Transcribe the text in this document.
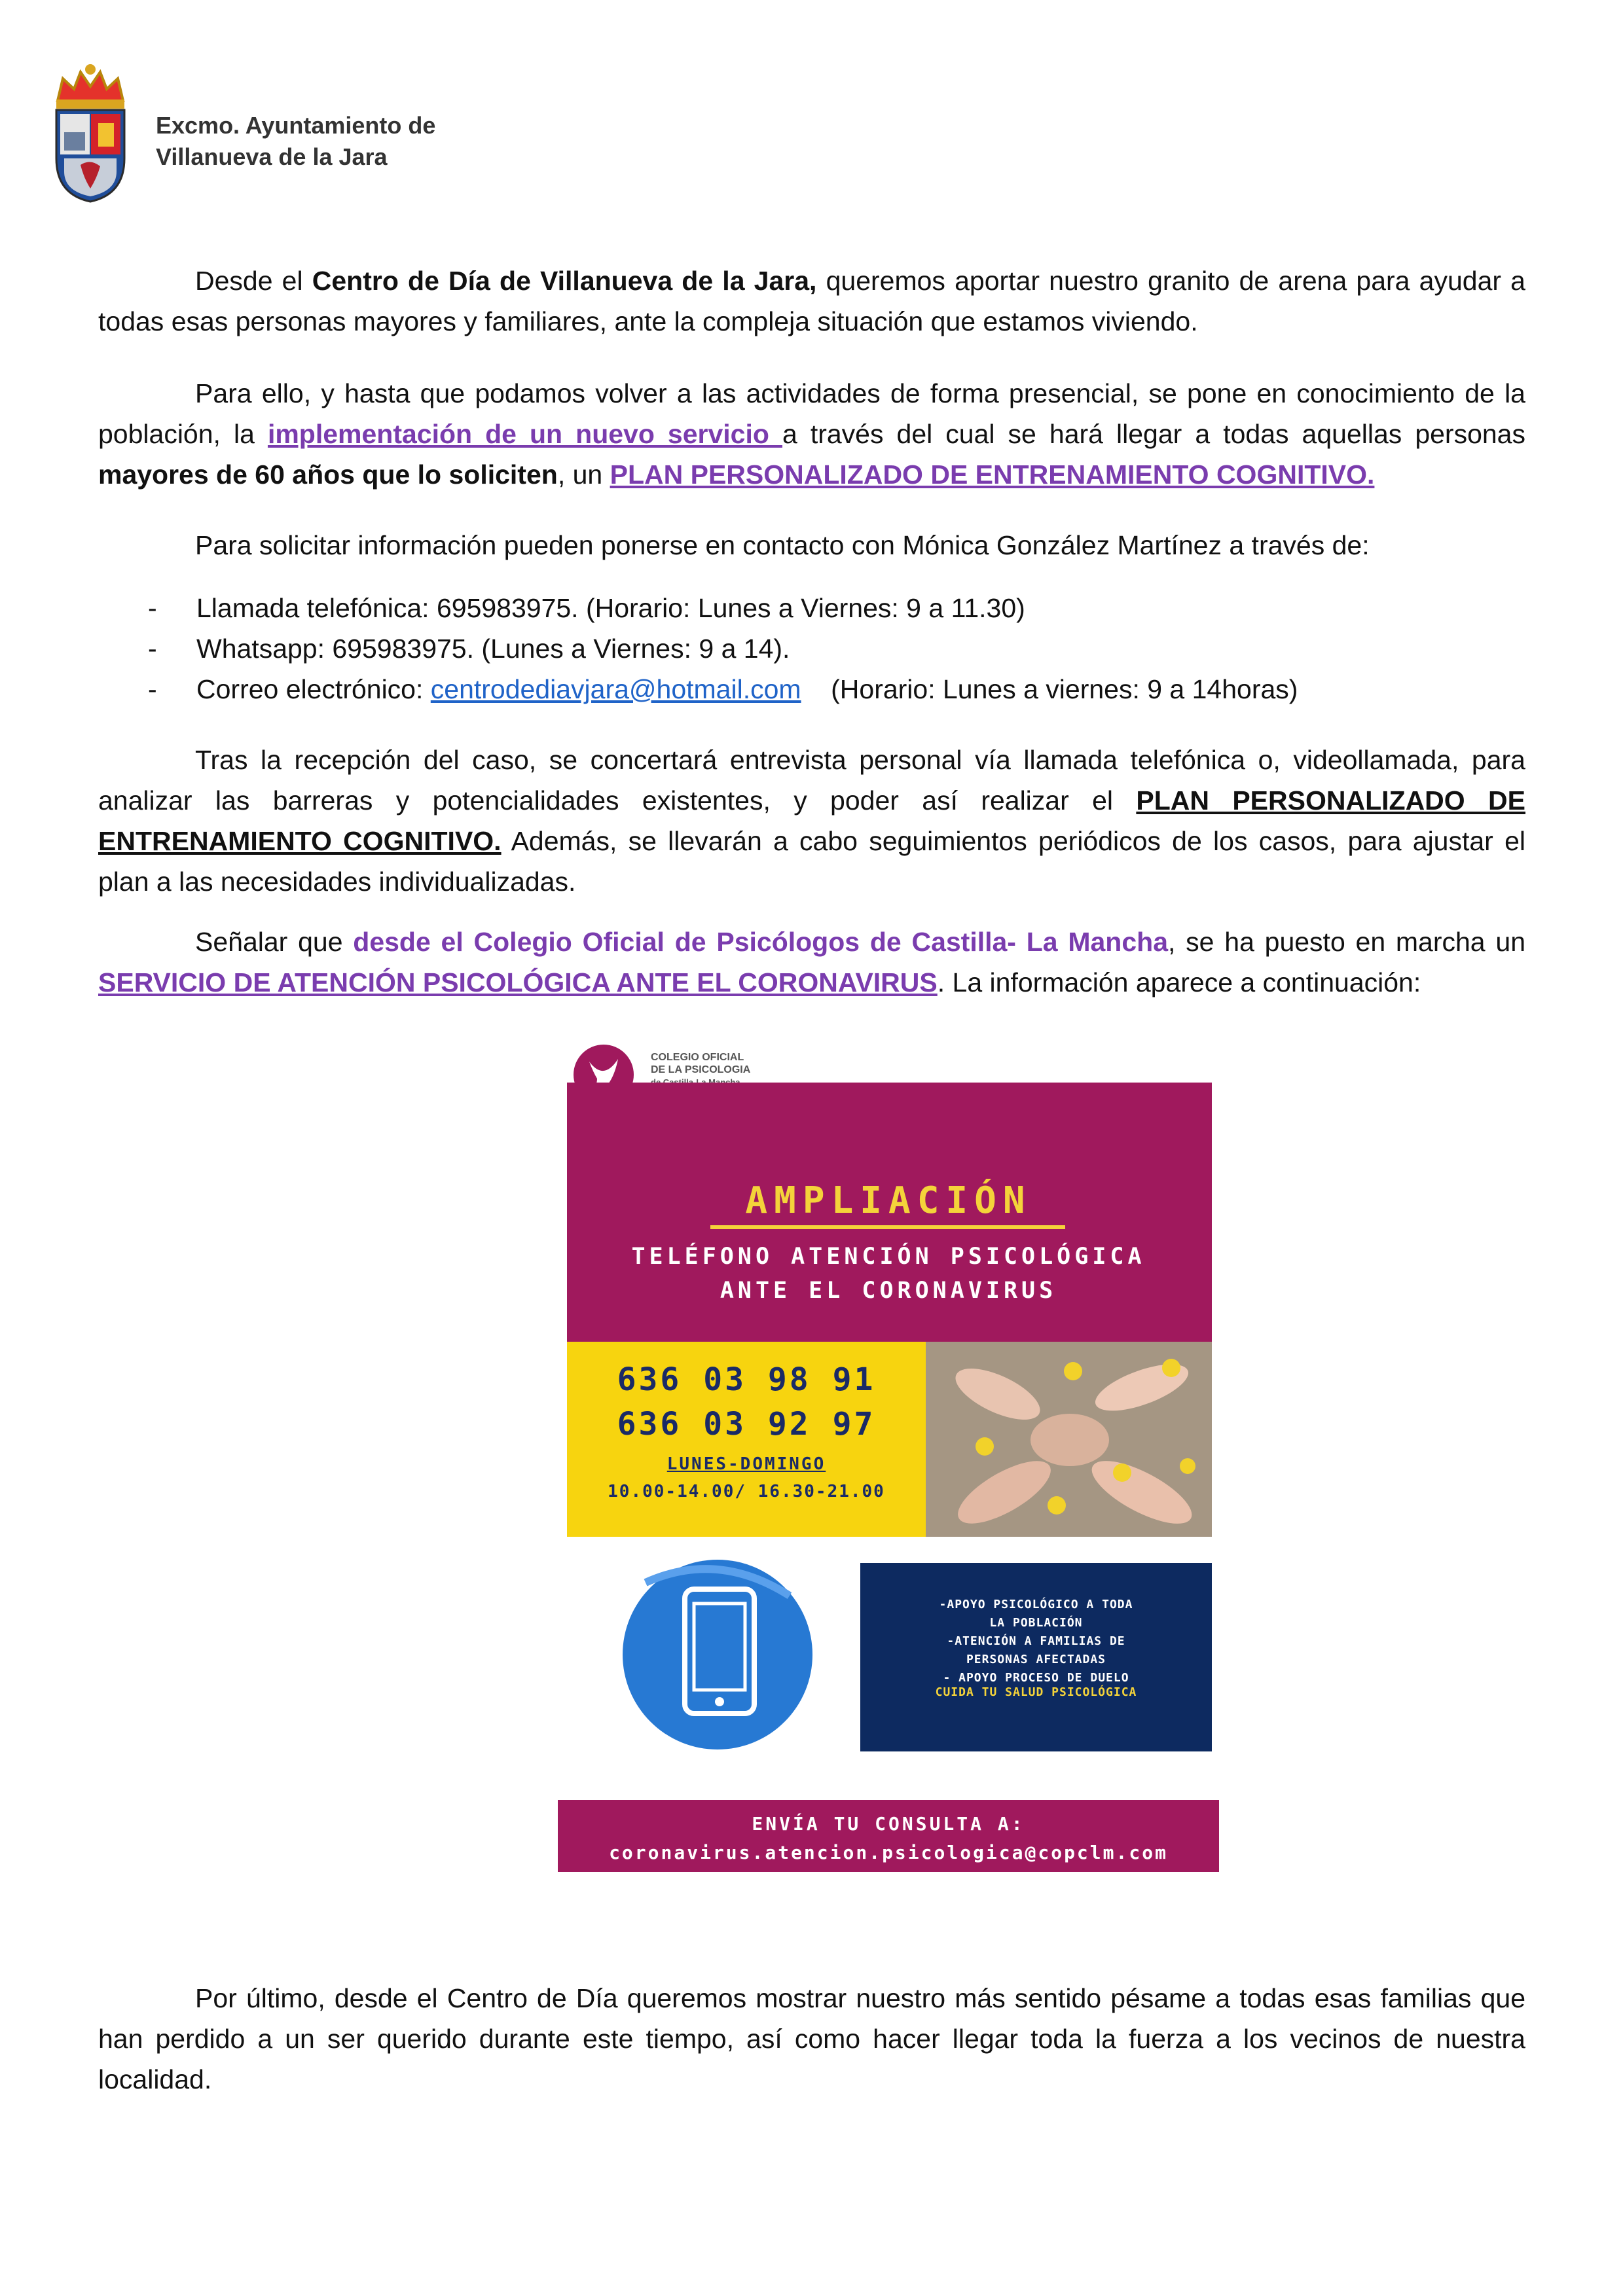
Excmo. Ayuntamiento de
Villanueva de la Jara

Desde el Centro de Día de Villanueva de la Jara, queremos aportar nuestro granito de arena para ayudar a todas esas personas mayores y familiares, ante la compleja situación que estamos viviendo.

Para ello, y hasta que podamos volver a las actividades de forma presencial, se pone en conocimiento de la población, la implementación de un nuevo servicio a través del cual se hará llegar a todas aquellas personas mayores de 60 años que lo soliciten, un PLAN PERSONALIZADO DE ENTRENAMIENTO COGNITIVO.

Para solicitar información pueden ponerse en contacto con Mónica González Martínez a través de:

- Llamada telefónica: 695983975. (Horario: Lunes a Viernes: 9 a 11.30)
- Whatsapp: 695983975. (Lunes a Viernes: 9 a 14).
- Correo electrónico: centrodediavjara@hotmail.com    (Horario: Lunes a viernes: 9 a 14horas)

Tras la recepción del caso, se concertará entrevista personal vía llamada telefónica o, videollamada, para analizar las barreras y potencialidades existentes, y poder así realizar el PLAN PERSONALIZADO DE ENTRENAMIENTO COGNITIVO. Además, se llevarán a cabo seguimientos periódicos de los casos, para ajustar el plan a las necesidades individualizadas.

Señalar que desde el Colegio Oficial de Psicólogos de Castilla- La Mancha, se ha puesto en marcha un SERVICIO DE ATENCIÓN PSICOLÓGICA ANTE EL CORONAVIRUS. La información aparece a continuación:

COLEGIO OFICIAL
DE LA PSICOLOGIA
AMPLIACIÓN
TELÉFONO ATENCIÓN PSICOLÓGICA
ANTE EL CORONAVIRUS
636 03 98 91
636 03 92 97
LUNES-DOMINGO
10.00-14.00/ 16.30-21.00
-APOYO PSICOLÓGICO A TODA
LA POBLACIÓN
-ATENCIÓN A FAMILIAS DE
PERSONAS AFECTADAS
- APOYO PROCESO DE DUELO
CUIDA TU SALUD PSICOLÓGICA
ENVÍA TU CONSULTA A:
coronavirus.atencion.psicologica@copclm.com

Por último, desde el Centro de Día queremos mostrar nuestro más sentido pésame a todas esas familias que han perdido a un ser querido durante este tiempo, así como hacer llegar toda la fuerza a los vecinos de nuestra localidad.
